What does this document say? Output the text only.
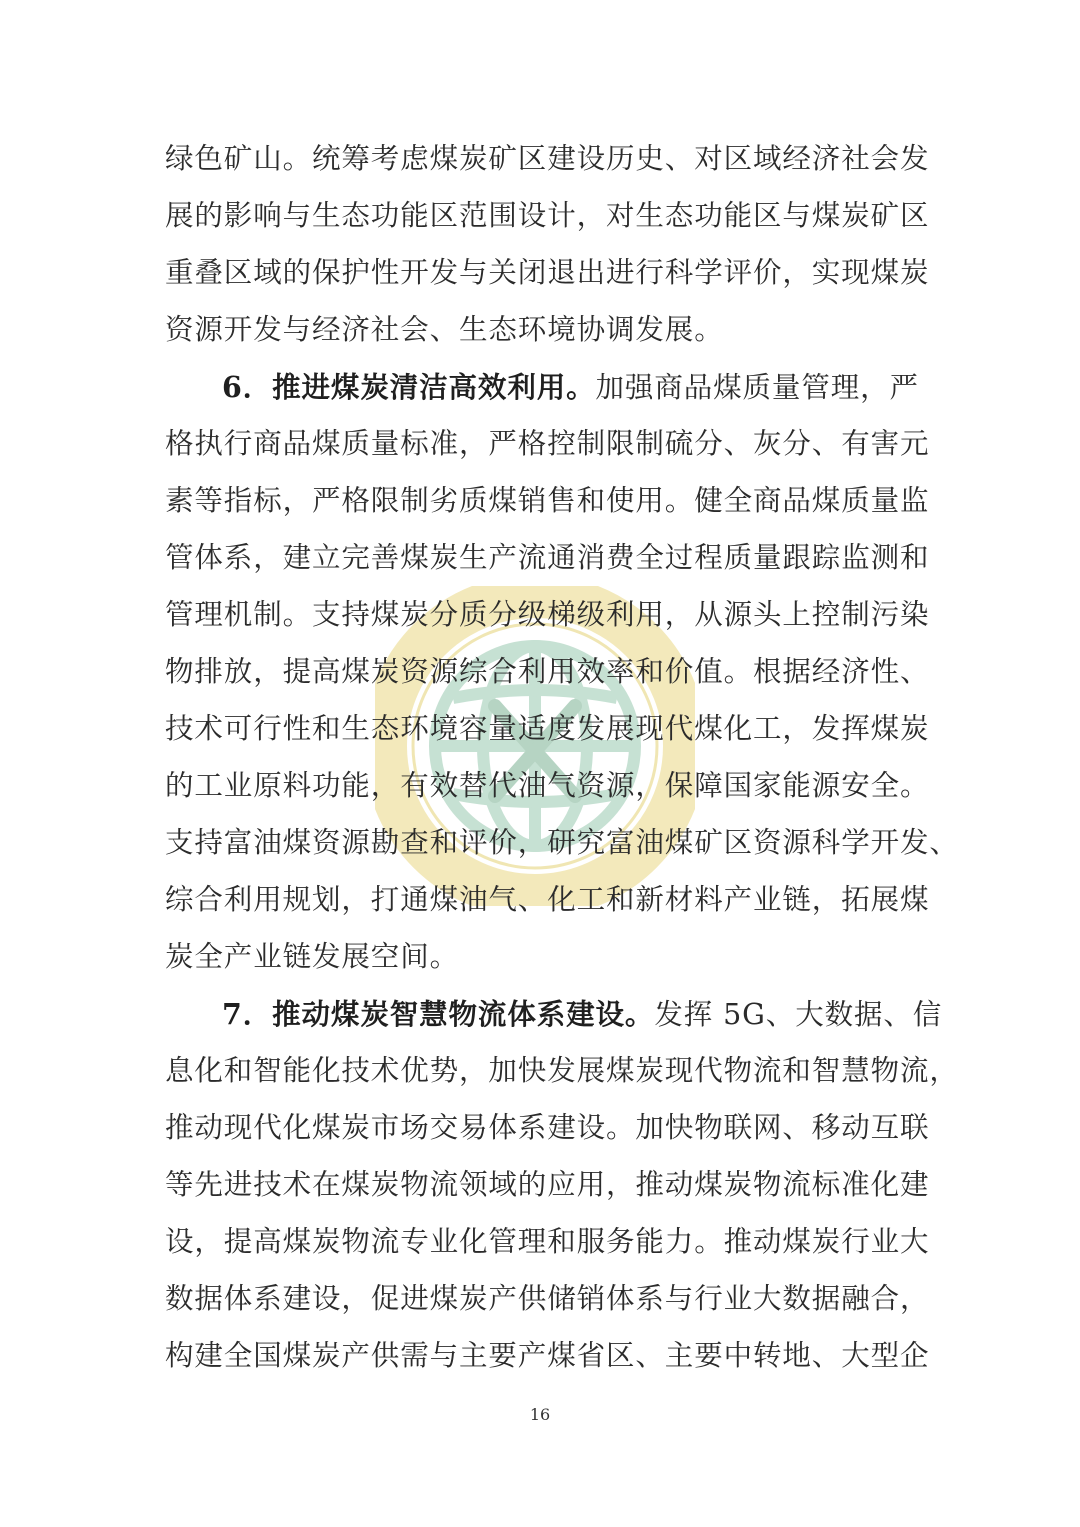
绿色矿山。统筹考虑煤炭矿区建设历史、对区域经济社会发
展的影响与生态功能区范围设计，对生态功能区与煤炭矿区
重叠区域的保护性开发与关闭退出进行科学评价，实现煤炭
资源开发与经济社会、生态环境协调发展。
6．推进煤炭清洁高效利用。加强商品煤质量管理，严
格执行商品煤质量标准，严格控制限制硫分、灰分、有害元
素等指标，严格限制劣质煤销售和使用。健全商品煤质量监
管体系，建立完善煤炭生产流通消费全过程质量跟踪监测和
管理机制。支持煤炭分质分级梯级利用，从源头上控制污染
物排放，提高煤炭资源综合利用效率和价值。根据经济性、
技术可行性和生态环境容量适度发展现代煤化工，发挥煤炭
的工业原料功能，有效替代油气资源，保障国家能源安全。
支持富油煤资源勘查和评价，研究富油煤矿区资源科学开发、
综合利用规划，打通煤油气、化工和新材料产业链，拓展煤
炭全产业链发展空间。
7．推动煤炭智慧物流体系建设。发挥 5G、大数据、信
息化和智能化技术优势，加快发展煤炭现代物流和智慧物流，
推动现代化煤炭市场交易体系建设。加快物联网、移动互联
等先进技术在煤炭物流领域的应用，推动煤炭物流标准化建
设，提高煤炭物流专业化管理和服务能力。推动煤炭行业大
数据体系建设，促进煤炭产供储销体系与行业大数据融合，
构建全国煤炭产供需与主要产煤省区、主要中转地、大型企
16
